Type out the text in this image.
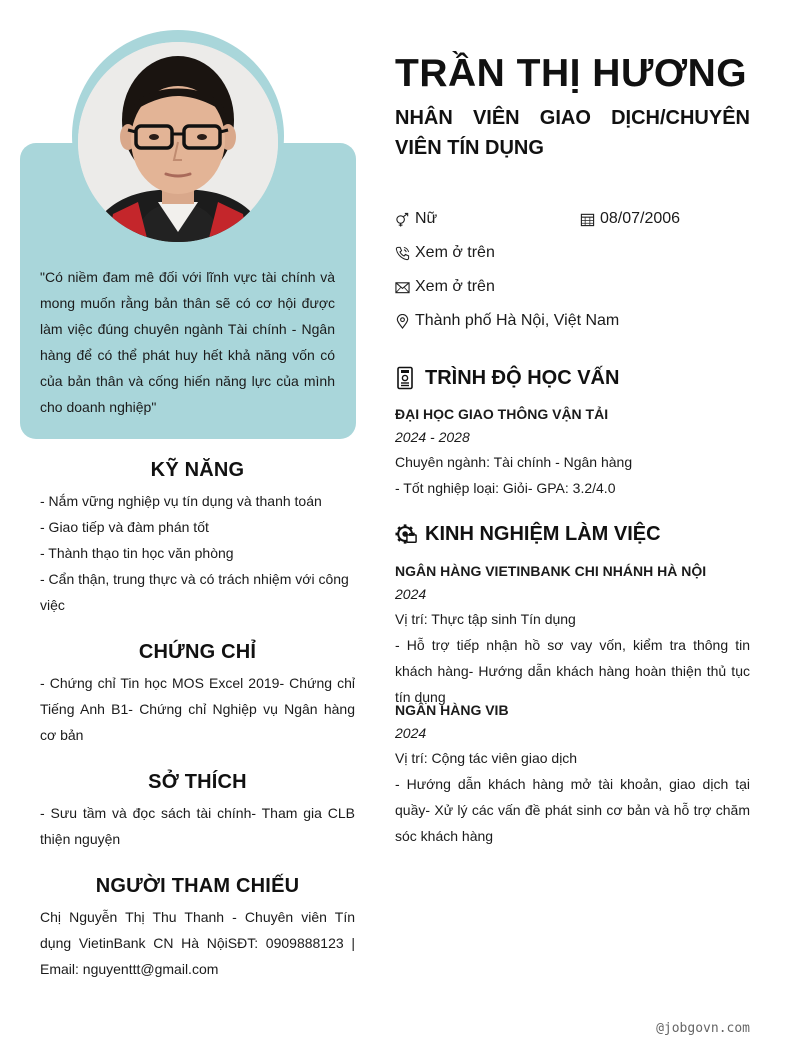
"Có niềm đam mê đối với lĩnh vực tài chính và mong muốn rằng bản thân sẽ có cơ hội được làm việc đúng chuyên ngành Tài chính - Ngân hàng để có thể phát huy hết khả năng vốn có của bản thân và cống hiến năng lực của mình cho doanh nghiệp"
KỸ NĂNG
- Nắm vững nghiệp vụ tín dụng và thanh toán
- Giao tiếp và đàm phán tốt
- Thành thạo tin học văn phòng
- Cẩn thận, trung thực và có trách nhiệm với công việc
CHỨNG CHỈ
- Chứng chỉ Tin học MOS Excel 2019- Chứng chỉ Tiếng Anh B1- Chứng chỉ Nghiệp vụ Ngân hàng cơ bản
SỞ THÍCH
- Sưu tầm và đọc sách tài chính- Tham gia CLB thiện nguyện
NGƯỜI THAM CHIẾU
Chị Nguyễn Thị Thu Thanh - Chuyên viên Tín dụng VietinBank CN Hà NộiSĐT: 0909888123 | Email: nguyenttt@gmail.com
TRẦN THỊ HƯƠNG
NHÂN VIÊN GIAO DỊCH/CHUYÊN VIÊN TÍN DỤNG
Nữ	08/07/2006
Xem ở trên
Xem ở trên
Thành phố Hà Nội, Việt Nam
TRÌNH ĐỘ HỌC VẤN
ĐẠI HỌC GIAO THÔNG VẬN TẢI
2024 - 2028
Chuyên ngành: Tài chính - Ngân hàng
- Tốt nghiệp loại: Giỏi- GPA: 3.2/4.0
KINH NGHIỆM LÀM VIỆC
NGÂN HÀNG VIETINBANK CHI NHÁNH HÀ NỘI
2024
Vị trí: Thực tập sinh Tín dụng
- Hỗ trợ tiếp nhận hồ sơ vay vốn, kiểm tra thông tin khách hàng- Hướng dẫn khách hàng hoàn thiện thủ tục tín dụng
NGÂN HÀNG VIB
2024
Vị trí: Cộng tác viên giao dịch
- Hướng dẫn khách hàng mở tài khoản, giao dịch tại quầy- Xử lý các vấn đề phát sinh cơ bản và hỗ trợ chăm sóc khách hàng
@jobgovn.com
